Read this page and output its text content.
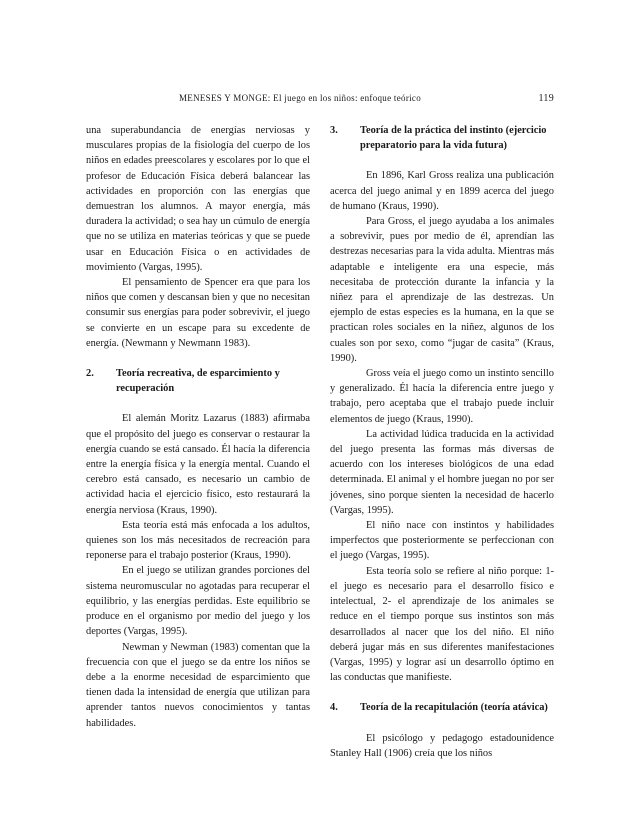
MENESES Y MONGE: El juego en los niños: enfoque teórico	119

una superabundancia de energías nerviosas y musculares propias de la fisiología del cuerpo de los niños en edades preescolares y escolares por lo que el profesor de Educación Física deberá balancear las actividades en proporción con las energías que demuestran los alumnos. A mayor energía, más duradera la actividad; o sea hay un cúmulo de energía que no se utiliza en materias teóricas y que se puede usar en Educación Física o en actividades de movimiento (Vargas, 1995).

El pensamiento de Spencer era que para los niños que comen y descansan bien y que no necesitan consumir sus energías para poder sobrevivir, el juego se convierte en un escape para su excedente de energía. (Newmann y Newmann 1983).

2.	Teoría recreativa, de esparcimiento y recuperación

El alemán Moritz Lazarus (1883) afirmaba que el propósito del juego es conservar o restaurar la energía cuando se está cansado. Él hacía la diferencia entre la energía física y la energía mental. Cuando el cerebro está cansado, es necesario un cambio de actividad hacia el ejercicio físico, esto restaurará la energía nerviosa (Kraus, 1990).

Esta teoría está más enfocada a los adultos, quienes son los más necesitados de recreación para reponerse para el trabajo posterior (Kraus, 1990).

En el juego se utilizan grandes porciones del sistema neuromuscular no agotadas para recuperar el equilibrio, y las energías perdidas. Este equilibrio se produce en el organismo por medio del juego y los deportes (Vargas, 1995).

Newman y Newman (1983) comentan que la frecuencia con que el juego se da entre los niños se debe a la enorme necesidad de esparcimiento que tienen dada la intensidad de energía que utilizan para aprender tantos nuevos conocimientos y tantas habilidades.

3.	Teoría de la práctica del instinto (ejercicio preparatorio para la vida futura)

En 1896, Karl Gross realiza una publicación acerca del juego animal y en 1899 acerca del juego de humano (Kraus, 1990).

Para Gross, el juego ayudaba a los animales a sobrevivir, pues por medio de él, aprendían las destrezas necesarias para la vida adulta. Mientras más adaptable e inteligente era una especie, más necesitaba de protección durante la infancia y la niñez para el aprendizaje de las destrezas. Un ejemplo de estas especies es la humana, en la que se practican roles sociales en la niñez, algunos de los cuales son por sexo, como “jugar de casita” (Kraus, 1990).

Gross veía el juego como un instinto sencillo y generalizado. Él hacía la diferencia entre juego y trabajo, pero aceptaba que el trabajo puede incluir elementos de juego (Kraus, 1990).

La actividad lúdica traducida en la actividad del juego presenta las formas más diversas de acuerdo con los intereses biológicos de una edad determinada. El animal y el hombre juegan no por ser jóvenes, sino porque sienten la necesidad de hacerlo (Vargas, 1995).

El niño nace con instintos y habilidades imperfectos que posteriormente se perfeccionan con el juego (Vargas, 1995).

Esta teoría solo se refiere al niño porque: 1- el juego es necesario para el desarrollo físico e intelectual, 2- el aprendizaje de los animales se reduce en el tiempo porque sus instintos son más desarrollados al nacer que los del niño. El niño deberá jugar más en sus diferentes manifestaciones (Vargas, 1995) y lograr así un desarrollo óptimo en las conductas que manifieste.

4.	Teoría de la recapitulación (teoría atávica)

El psicólogo y pedagogo estadounidence Stanley Hall (1906) creía que los niños
